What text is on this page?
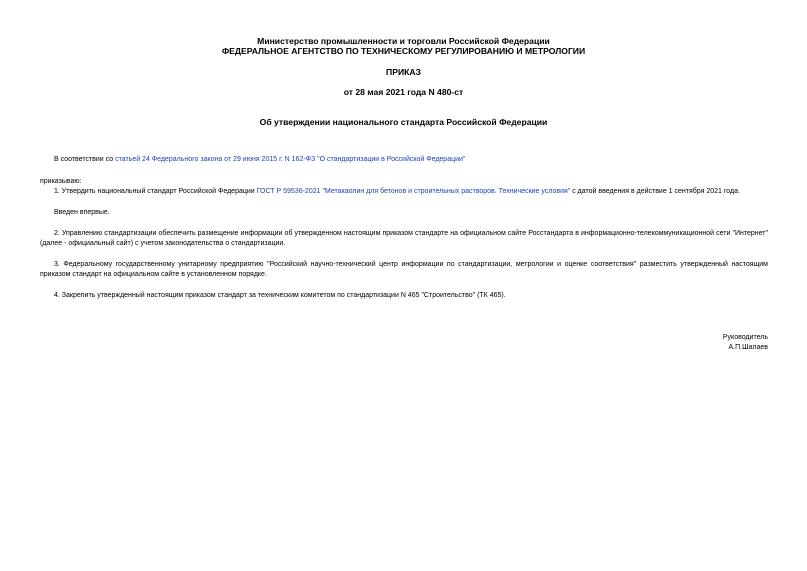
Министерство промышленности и торговли Российской Федерации
ФЕДЕРАЛЬНОЕ АГЕНТСТВО ПО ТЕХНИЧЕСКОМУ РЕГУЛИРОВАНИЮ И МЕТРОЛОГИИ
ПРИКАЗ
от 28 мая 2021 года N 480-ст
Об утверждении национального стандарта Российской Федерации
В соответствии со статьей 24 Федерального закона от 29 июня 2015 г. N 162-ФЗ "О стандартизации в Российской Федерации"
приказываю:
1. Утвердить национальный стандарт Российской Федерации ГОСТ Р 59536-2021 "Метакаолин для бетонов и строительных растворов. Технические условия" с датой введения в действие 1 сентября 2021 года.
Введен впервые.
2. Управлению стандартизации обеспечить размещение информации об утвержденном настоящим приказом стандарте на официальном сайте Росстандарта в информационно-телекоммуникационной сети "Интернет" (далее - официальный сайт) с учетом законодательства о стандартизации.
3. Федеральному государственному унитарному предприятию "Российский научно-технический центр информации по стандартизации, метрологии и оценке соответствия" разместить утвержденный настоящим приказом стандарт на официальном сайте в установленном порядке.
4. Закрепить утвержденный настоящим приказом стандарт за техническим комитетом по стандартизации N 465 "Строительство" (ТК 465).
Руководитель
А.П.Шалаев
